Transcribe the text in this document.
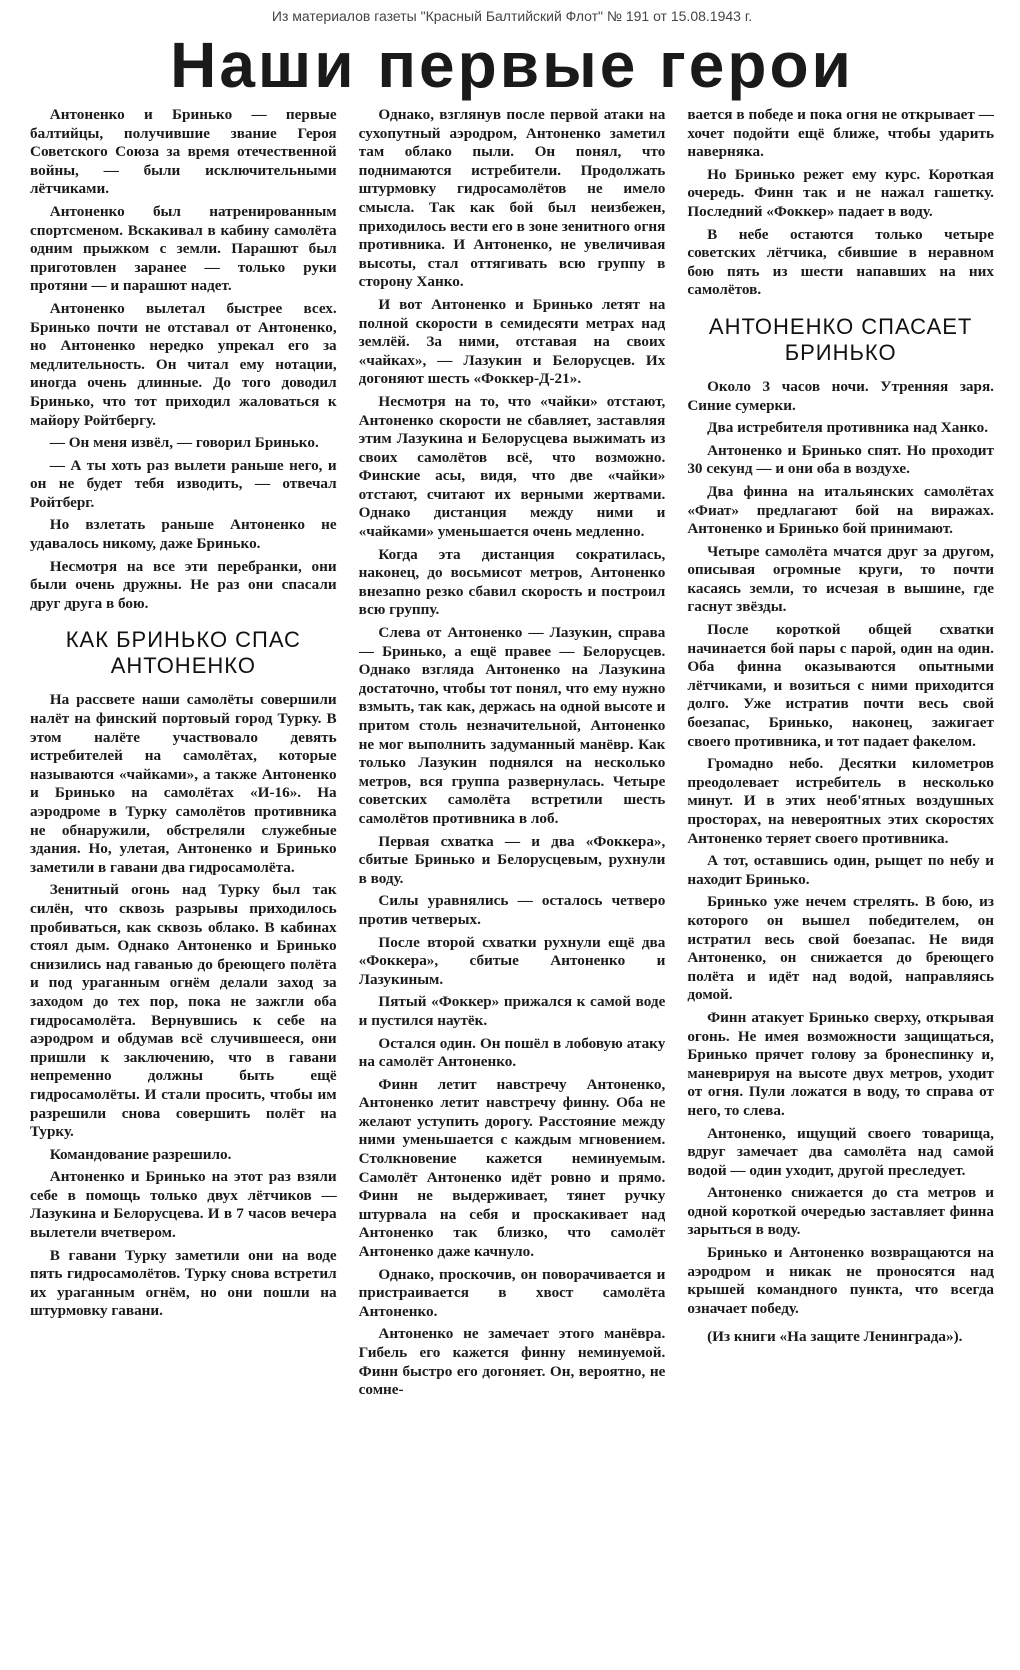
Из материалов газеты "Красный Балтийский Флот" № 191 от 15.08.1943 г.
Наши первые герои

Антоненко и Бринько — первые балтийцы, получившие звание Героя Советского Союза за время отечественной войны, — были исключительными лётчиками.

Антоненко был натренированным спортсменом. Вскакивал в кабину самолёта одним прыжком с земли. Парашют был приготовлен заранее — только руки протяни — и парашют надет.

Антоненко вылетал быстрее всех. Бринько почти не отставал от Антоненко, но Антоненко нередко упрекал его за медлительность. Он читал ему нотации, иногда очень длинные. До того доводил Бринько, что тот приходил жаловаться к майору Ройтбергу.

— Он меня извёл, — говорил Бринько.

— А ты хоть раз вылети раньше него, и он не будет тебя изводить, — отвечал Ройтберг.

Но взлетать раньше Антоненко не удавалось никому, даже Бринько.

Несмотря на все эти перебранки, они были очень дружны. Не раз они спасали друг друга в бою.

КАК БРИНЬКО СПАС АНТОНЕНКО

На рассвете наши самолёты совершили налёт на финский портовый город Турку. В этом налёте участвовало девять истребителей на самолётах, которые называются «чайками», а также Антоненко и Бринько на самолётах «И-16». На аэродроме в Турку самолётов противника не обнаружили, обстреляли служебные здания. Но, улетая, Антоненко и Бринько заметили в гавани два гидросамолёта.

Зенитный огонь над Турку был так силён, что сквозь разрывы приходилось пробиваться, как сквозь облако. В кабинах стоял дым. Однако Антоненко и Бринько снизились над гаванью до бреющего полёта и под ураганным огнём делали заход за заходом до тех пор, пока не зажгли оба гидросамолёта. Вернувшись к себе на аэродром и обдумав всё случившееся, они пришли к заключению, что в гавани непременно должны быть ещё гидросамолёты. И стали просить, чтобы им разрешили снова совершить полёт на Турку.

Командование разрешило.

Антоненко и Бринько на этот раз взяли себе в помощь только двух лётчиков — Лазукина и Белорусцева. И в 7 часов вечера вылетели вчетвером.

В гавани Турку заметили они на воде пять гидросамолётов. Турку снова встретил их ураганным огнём, но они пошли на штурмовку гавани.

Однако, взглянув после первой атаки на сухопутный аэродром, Антоненко заметил там облако пыли. Он понял, что поднимаются истребители. Продолжать штурмовку гидросамолётов не имело смысла. Так как бой был неизбежен, приходилось вести его в зоне зенитного огня противника. И Антоненко, не увеличивая высоты, стал оттягивать всю группу в сторону Ханко.

И вот Антоненко и Бринько летят на полной скорости в семидесяти метрах над землёй. За ними, отставая на своих «чайках», — Лазукин и Белорусцев. Их догоняют шесть «Фоккер-Д-21».

Несмотря на то, что «чайки» отстают, Антоненко скорости не сбавляет, заставляя этим Лазукина и Белорусцева выжимать из своих самолётов всё, что возможно. Финские асы, видя, что две «чайки» отстают, считают их верными жертвами. Однако дистанция между ними и «чайками» уменьшается очень медленно.

Когда эта дистанция сократилась, наконец, до восьмисот метров, Антоненко внезапно резко сбавил скорость и построил всю группу.

Слева от Антоненко — Лазукин, справа — Бринько, а ещё правее — Белорусцев. Однако взгляда Антоненко на Лазукина достаточно, чтобы тот понял, что ему нужно взмыть, так как, держась на одной высоте и притом столь незначительной, Антоненко не мог выполнить задуманный манёвр. Как только Лазукин поднялся на несколько метров, вся группа развернулась. Четыре советских самолёта встретили шесть самолётов противника в лоб.

Первая схватка — и два «Фоккера», сбитые Бринько и Белорусцевым, рухнули в воду.

Силы уравнялись — осталось четверо против четверых.

После второй схватки рухнули ещё два «Фоккера», сбитые Антоненко и Лазукиным.

Пятый «Фоккер» прижался к самой воде и пустился наутёк.

Остался один. Он пошёл в лобовую атаку на самолёт Антоненко.

Финн летит навстречу Антоненко, Антоненко летит навстречу финну. Оба не желают уступить дорогу. Расстояние между ними уменьшается с каждым мгновением. Столкновение кажется неминуемым. Самолёт Антоненко идёт ровно и прямо. Финн не выдерживает, тянет ручку штурвала на себя и проскакивает над Антоненко так близко, что самолёт Антоненко даже качнуло.

Однако, проскочив, он поворачивается и пристраивается в хвост самолёта Антоненко.

Антоненко не замечает этого манёвра. Гибель его кажется финну неминуемой. Финн быстро его догоняет. Он, вероятно, не сомне-

вается в победе и пока огня не открывает — хочет подойти ещё ближе, чтобы ударить наверняка.

Но Бринько режет ему курс. Короткая очередь. Финн так и не нажал гашетку. Последний «Фоккер» падает в воду.

В небе остаются только четыре советских лётчика, сбившие в неравном бою пять из шести напавших на них самолётов.

АНТОНЕНКО СПАСАЕТ БРИНЬКО

Около 3 часов ночи. Утренняя заря. Синие сумерки.

Два истребителя противника над Ханко.

Антоненко и Бринько спят. Но проходит 30 секунд — и они оба в воздухе.

Два финна на итальянских самолётах «Фиат» предлагают бой на виражах. Антоненко и Бринько бой принимают.

Четыре самолёта мчатся друг за другом, описывая огромные круги, то почти касаясь земли, то исчезая в вышине, где гаснут звёзды.

После короткой общей схватки начинается бой пары с парой, один на один. Оба финна оказываются опытными лётчиками, и возиться с ними приходится долго. Уже истратив почти весь свой боезапас, Бринько, наконец, зажигает своего противника, и тот падает факелом.

Громадно небо. Десятки километров преодолевает истребитель в несколько минут. И в этих необ'ятных воздушных просторах, на невероятных этих скоростях Антоненко теряет своего противника.

А тот, оставшись один, рыщет по небу и находит Бринько.

Бринько уже нечем стрелять. В бою, из которого он вышел победителем, он истратил весь свой боезапас. Не видя Антоненко, он снижается до бреющего полёта и идёт над водой, направляясь домой.

Финн атакует Бринько сверху, открывая огонь. Не имея возможности защищаться, Бринько прячет голову за бронеспинку и, маневрируя на высоте двух метров, уходит от огня. Пули ложатся в воду, то справа от него, то слева.

Антоненко, ищущий своего товарища, вдруг замечает два самолёта над самой водой — один уходит, другой преследует.

Антоненко снижается до ста метров и одной короткой очередью заставляет финна зарыться в воду.

Бринько и Антоненко возвращаются на аэродром и никак не проносятся над крышей командного пункта, что всегда означает победу.

(Из книги «На защите Ленинграда»).
